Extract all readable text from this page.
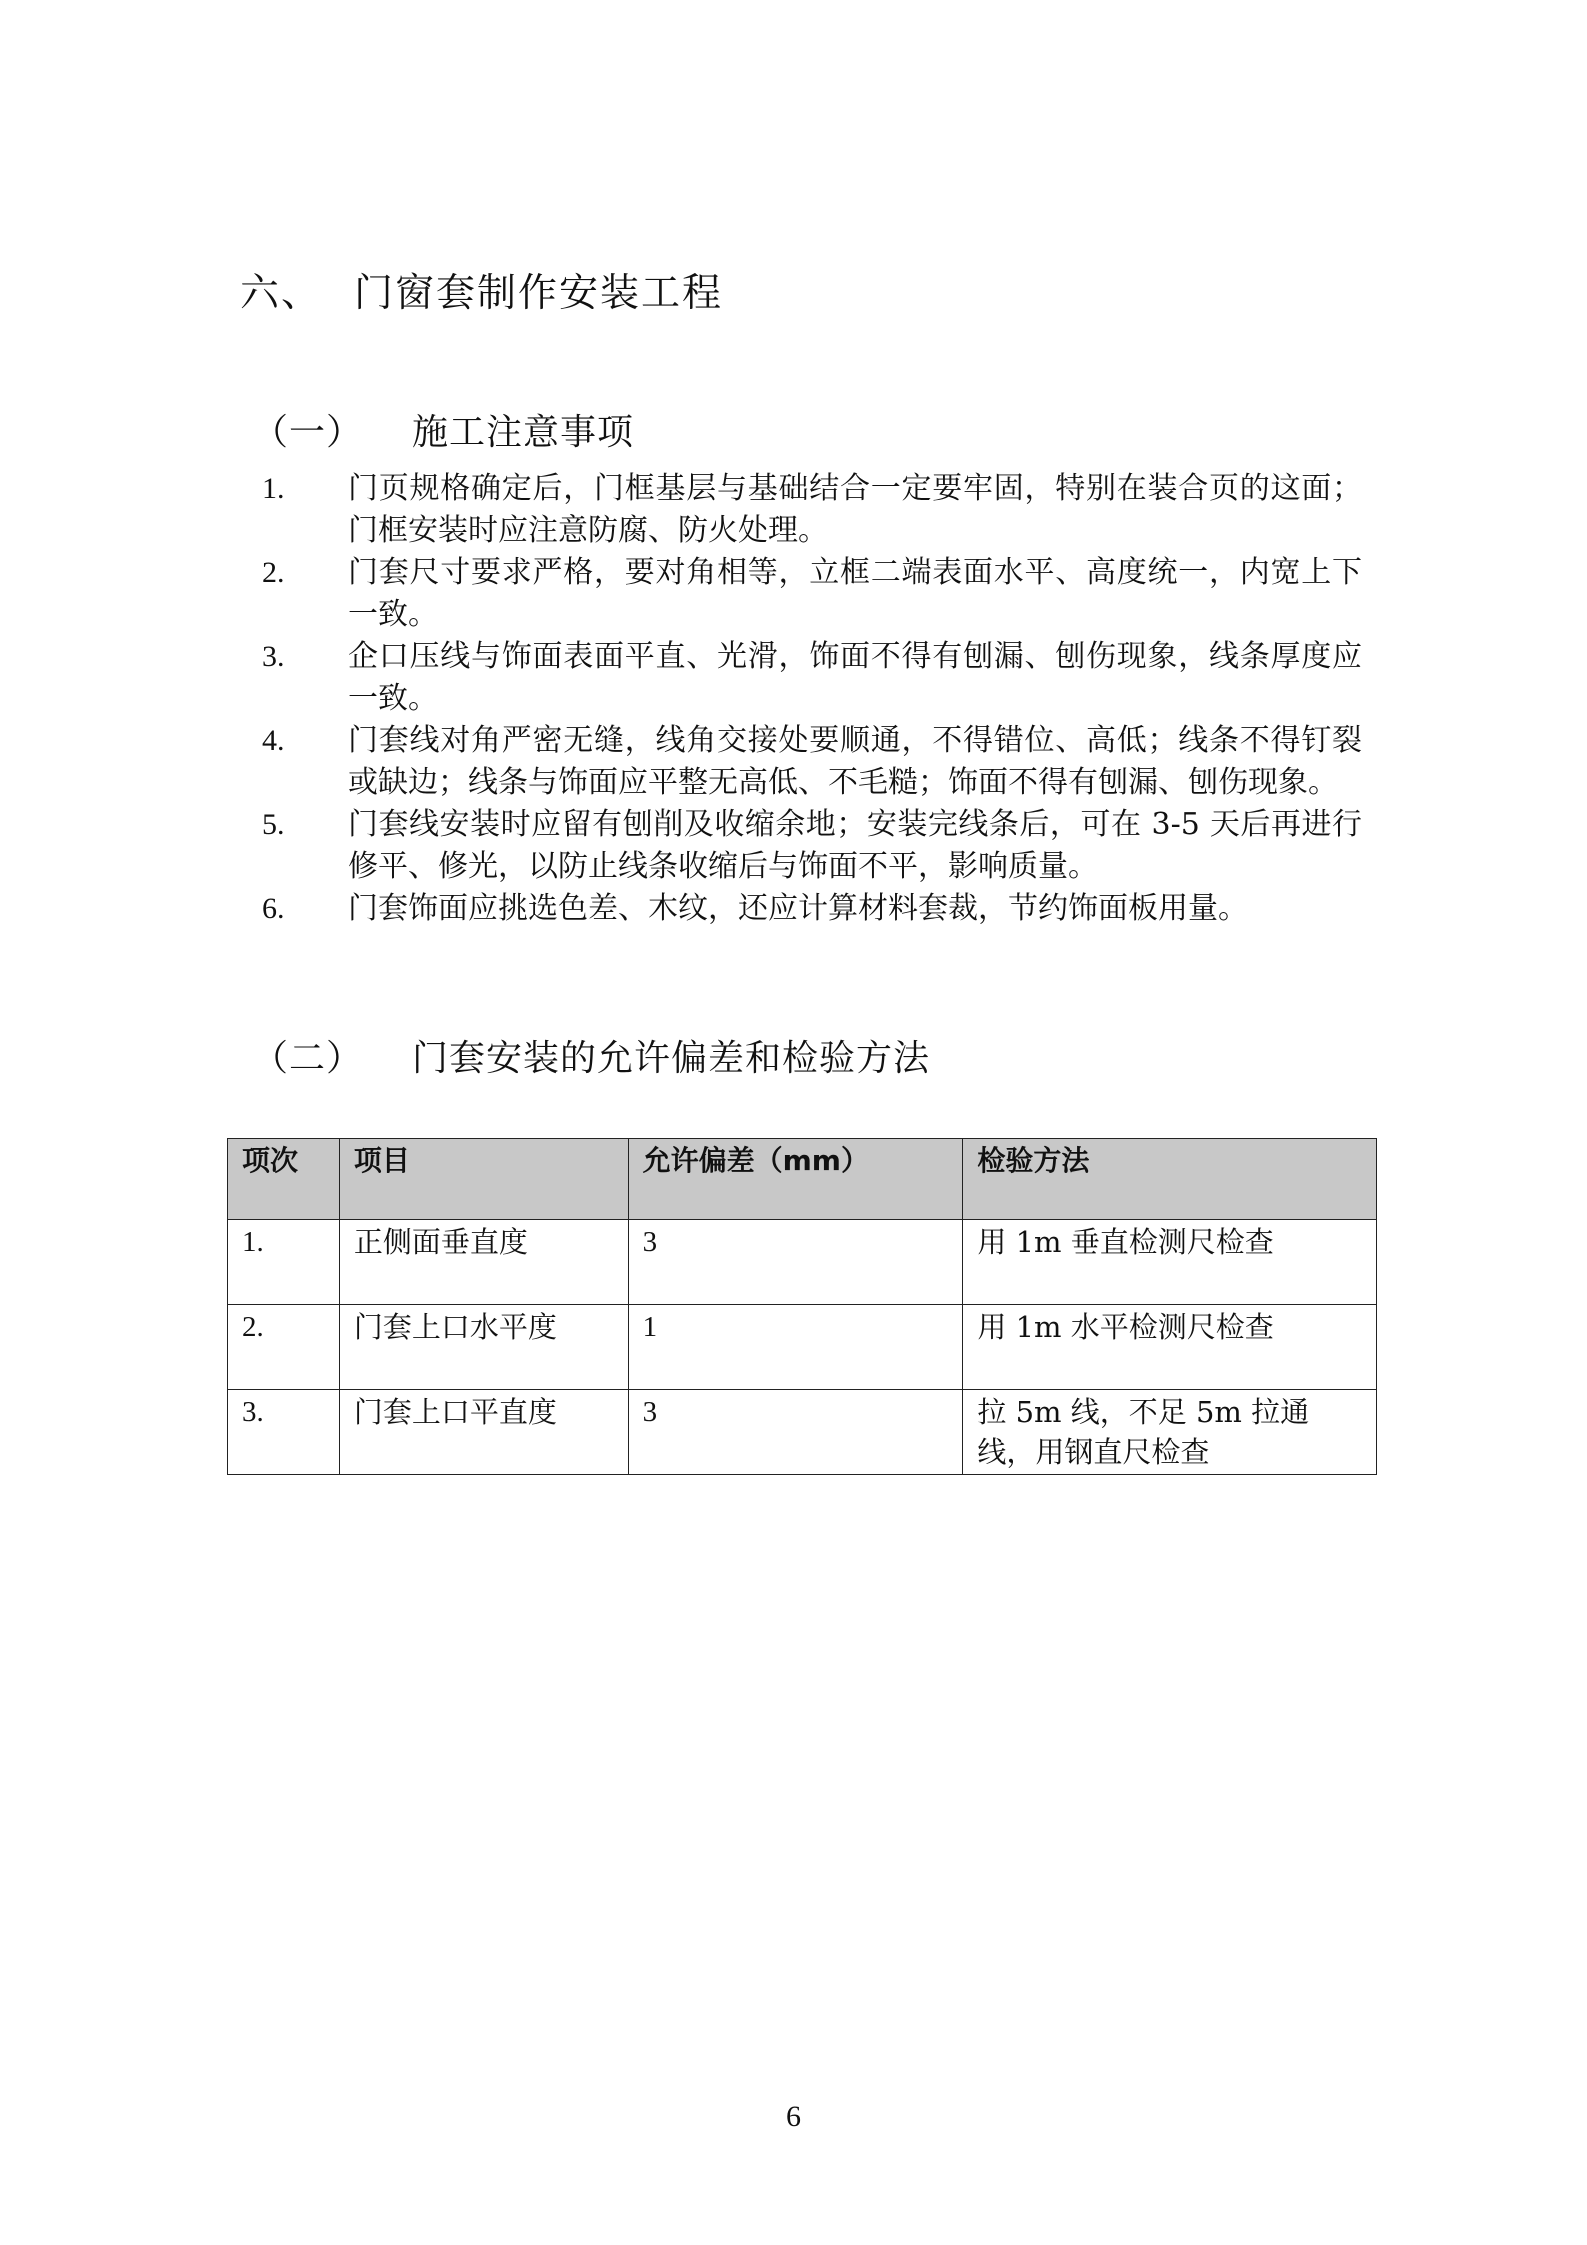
六、 门窗套制作安装工程
（一）	施工注意事项
1.	门页规格确定后，门框基层与基础结合一定要牢固，特别在装合页的这面；门框安装时应注意防腐、防火处理。
2.	门套尺寸要求严格，要对角相等，立框二端表面水平、高度统一，内宽上下一致。
3.	企口压线与饰面表面平直、光滑，饰面不得有刨漏、刨伤现象，线条厚度应一致。
4.	门套线对角严密无缝，线角交接处要顺通，不得错位、高低；线条不得钉裂或缺边；线条与饰面应平整无高低、不毛糙；饰面不得有刨漏、刨伤现象。
5.	门套线安装时应留有刨削及收缩余地；安装完线条后，可在 3-5 天后再进行修平、修光，以防止线条收缩后与饰面不平，影响质量。
6.	门套饰面应挑选色差、木纹，还应计算材料套裁，节约饰面板用量。
（二）	门套安装的允许偏差和检验方法
项次	项目	允许偏差（mm）	检验方法
1.	正侧面垂直度	3	用 1m 垂直检测尺检查
2.	门套上口水平度	1	用 1m 水平检测尺检查
3.	门套上口平直度	3	拉 5m 线，不足 5m 拉通线，用钢直尺检查
6
